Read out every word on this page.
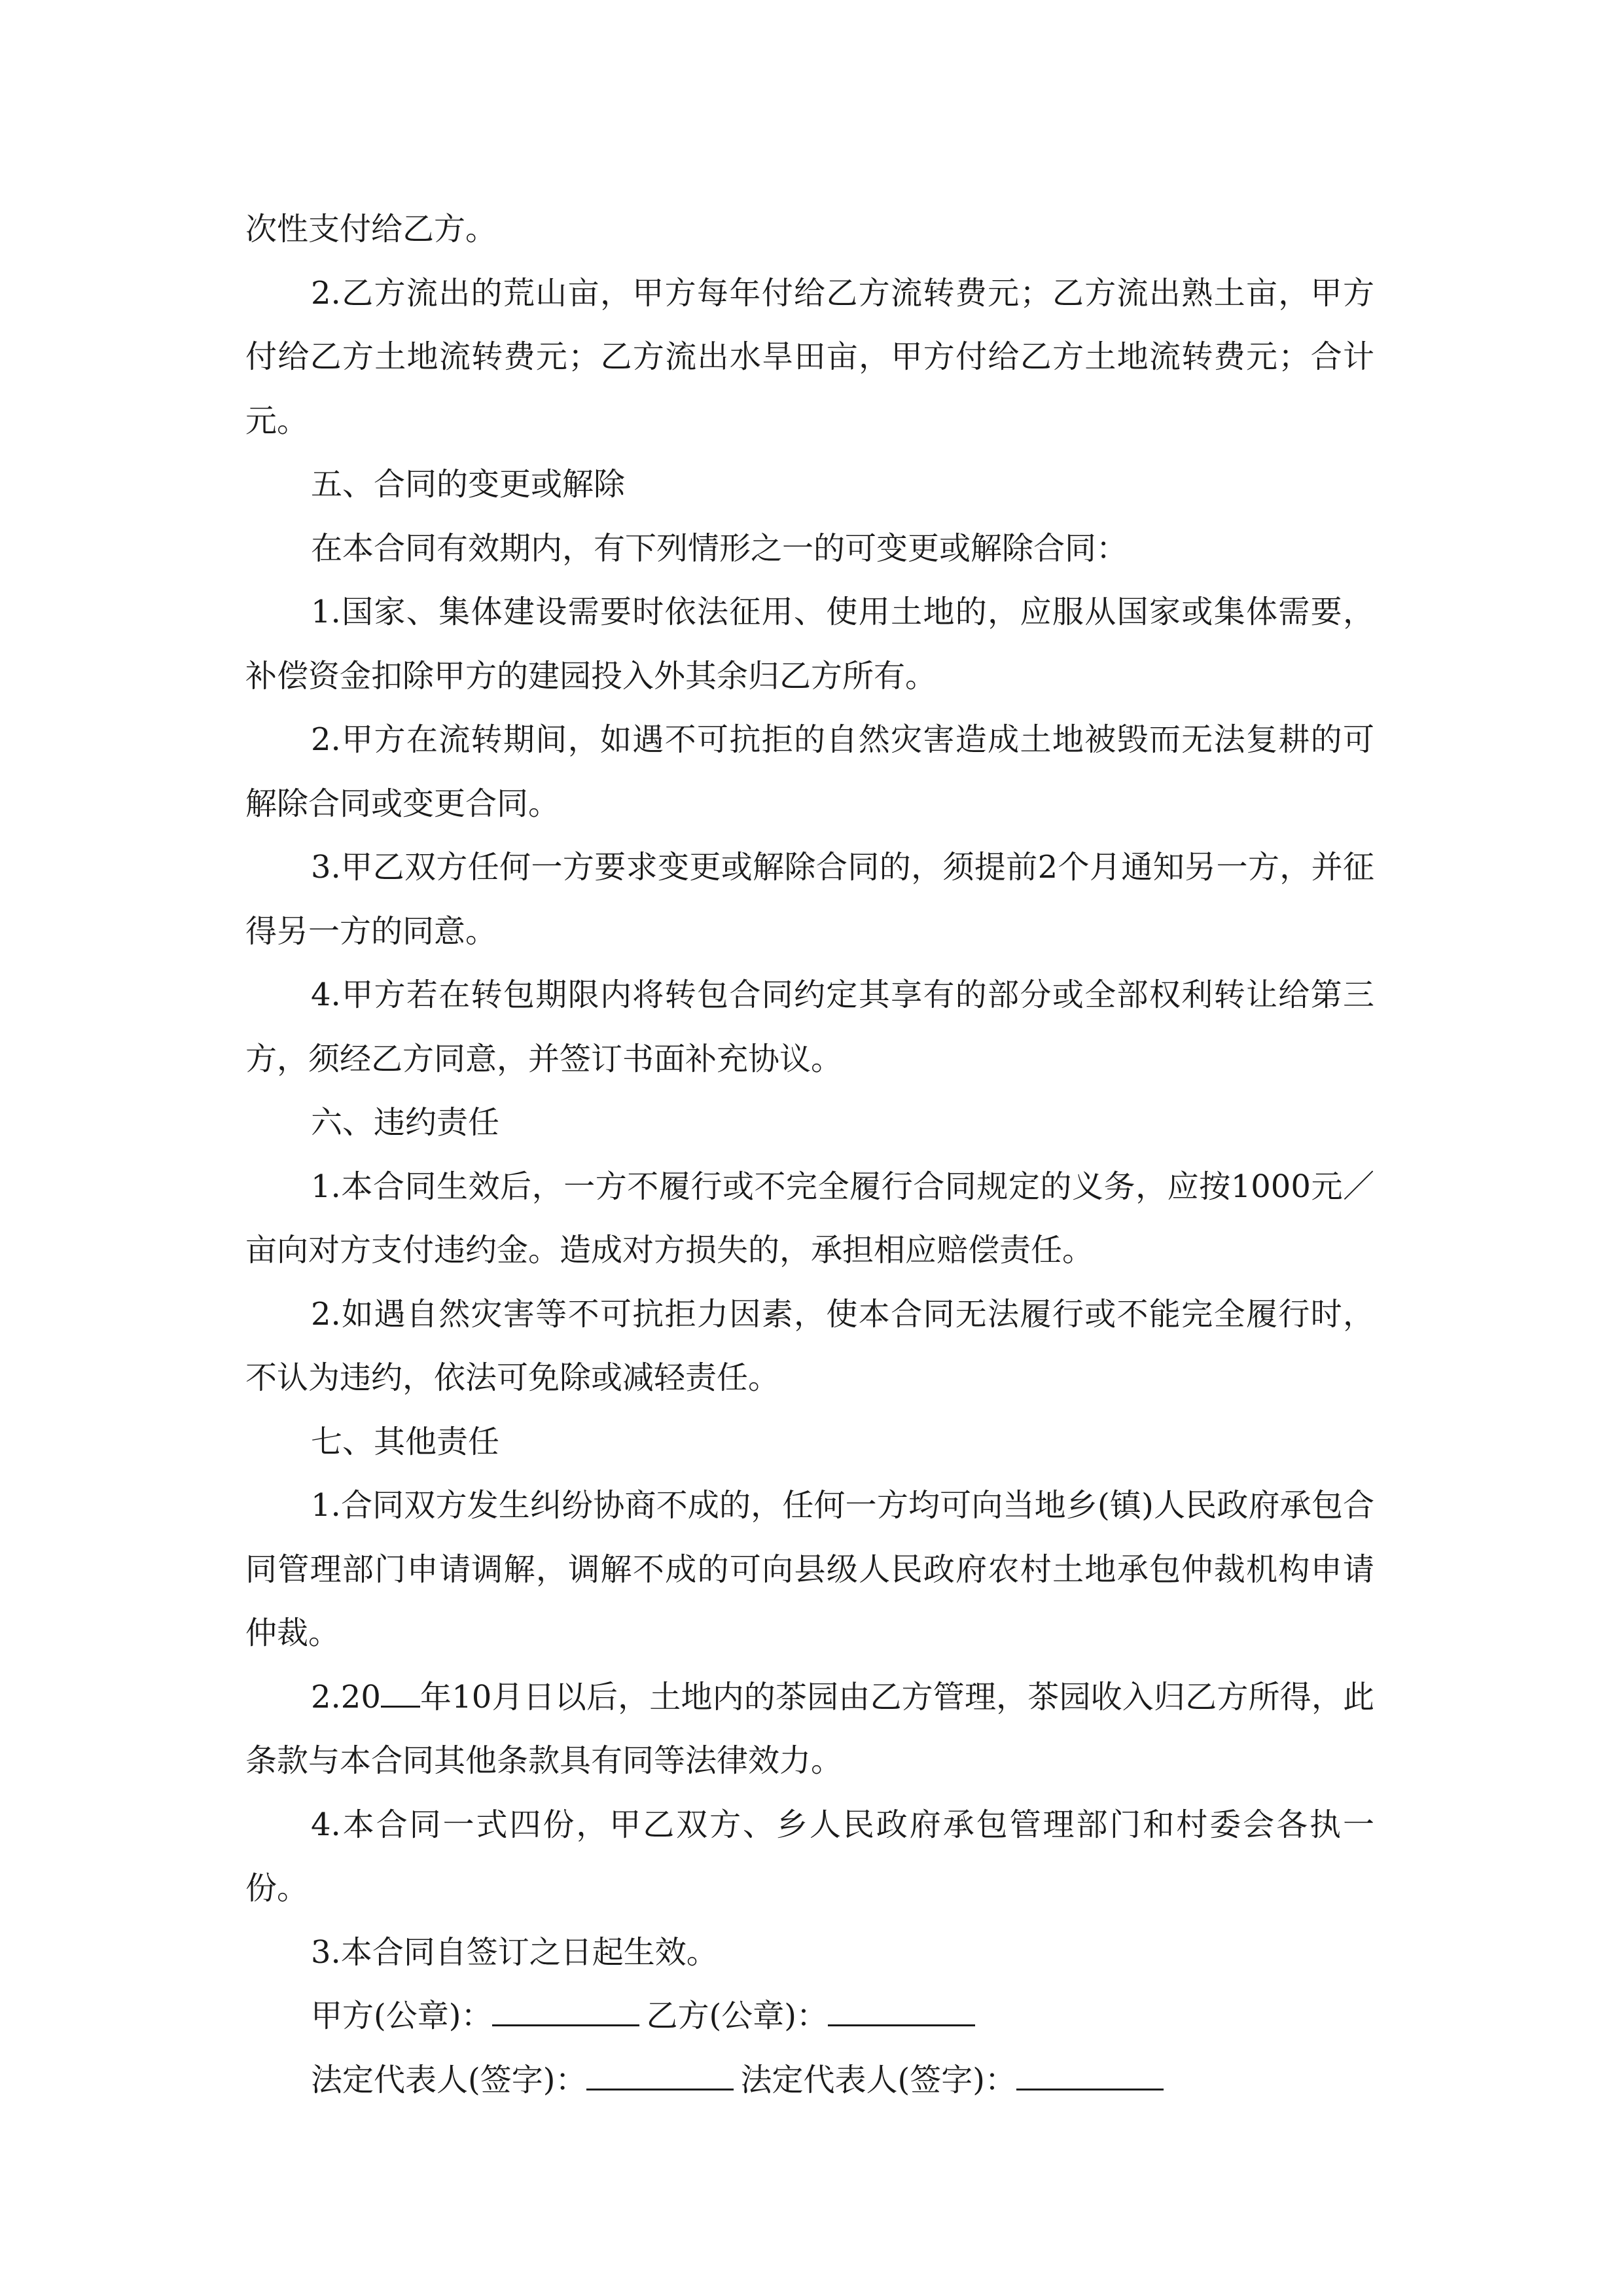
次性支付给乙方。

2.乙方流出的荒山亩，甲方每年付给乙方流转费元；乙方流出熟土亩，甲方付给乙方土地流转费元；乙方流出水旱田亩，甲方付给乙方土地流转费元；合计元。

五、合同的变更或解除

在本合同有效期内，有下列情形之一的可变更或解除合同：

1.国家、集体建设需要时依法征用、使用土地的，应服从国家或集体需要，补偿资金扣除甲方的建园投入外其余归乙方所有。

2.甲方在流转期间，如遇不可抗拒的自然灾害造成土地被毁而无法复耕的可解除合同或变更合同。

3.甲乙双方任何一方要求变更或解除合同的，须提前2个月通知另一方，并征得另一方的同意。

4.甲方若在转包期限内将转包合同约定其享有的部分或全部权利转让给第三方，须经乙方同意，并签订书面补充协议。

六、违约责任

1.本合同生效后，一方不履行或不完全履行合同规定的义务，应按1000元／亩向对方支付违约金。造成对方损失的，承担相应赔偿责任。

2.如遇自然灾害等不可抗拒力因素，使本合同无法履行或不能完全履行时，不认为违约，依法可免除或减轻责任。

七、其他责任

1.合同双方发生纠纷协商不成的，任何一方均可向当地乡(镇)人民政府承包合同管理部门申请调解，调解不成的可向县级人民政府农村土地承包仲裁机构申请仲裁。

2.20 年10月日以后，土地内的茶园由乙方管理，茶园收入归乙方所得，此条款与本合同其他条款具有同等法律效力。

4.本合同一式四份，甲乙双方、乡人民政府承包管理部门和村委会各执一份。

3.本合同自签订之日起生效。

甲方(公章)：	乙方(公章)：

法定代表人(签字)：	法定代表人(签字)：
